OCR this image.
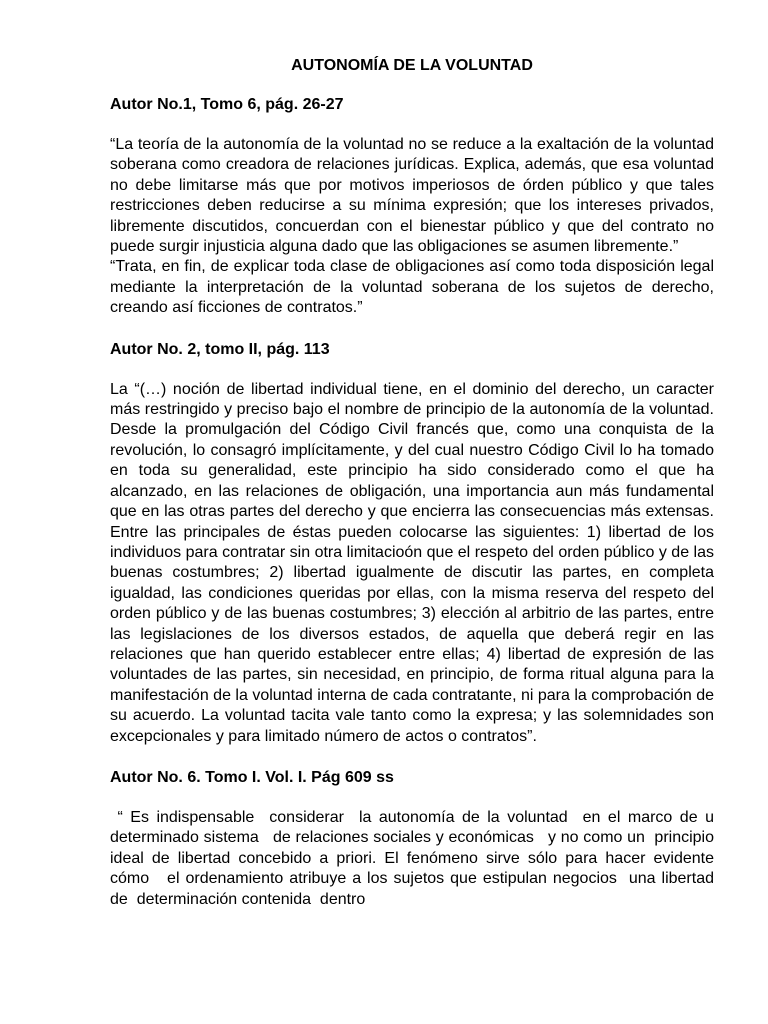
AUTONOMÍA DE LA VOLUNTAD
Autor No.1, Tomo 6, pág. 26-27

“La teoría de la autonomía de la voluntad no se reduce a la exaltación de la voluntad soberana como creadora de relaciones jurídicas. Explica, además, que esa voluntad no debe limitarse más que por motivos imperiosos de órden público y que tales restricciones deben reducirse a su mínima expresión; que los intereses privados, libremente discutidos, concuerdan con el bienestar público y que del contrato no puede surgir injusticia alguna dado que las obligaciones se asumen libremente.”

“Trata, en fin, de explicar toda clase de obligaciones así como toda disposición legal mediante la interpretación de la voluntad soberana de los sujetos de derecho, creando así ficciones de contratos.”

Autor No. 2, tomo II, pág. 113

La “(…) noción de libertad individual tiene, en el dominio del derecho, un caracter más restringido y preciso bajo el nombre de principio de la autonomía de la voluntad. Desde la promulgación del Código Civil francés que, como una conquista de la revolución, lo consagró implícitamente, y del cual nuestro Código Civil lo ha tomado en toda su generalidad, este principio ha sido considerado como el que ha alcanzado, en las relaciones de obligación, una importancia aun más fundamental que en las otras partes del derecho y que encierra las consecuencias más extensas. Entre las principales de éstas pueden colocarse las siguientes: 1) libertad de los individuos para contratar sin otra limitacioón que el respeto del orden público y de las buenas costumbres; 2) libertad igualmente de discutir las partes, en completa igualdad, las condiciones queridas por ellas, con la misma reserva del respeto del orden público y de las buenas costumbres; 3) elección al arbitrio de las partes, entre las legislaciones de los diversos estados, de aquella que deberá regir en las relaciones que han querido establecer entre ellas; 4) libertad de expresión de las voluntades de las partes, sin necesidad, en principio, de forma ritual alguna para la manifestación de la voluntad interna de cada contratante, ni para la comprobación de su acuerdo. La voluntad tacita vale tanto como la expresa; y las solemnidades son excepcionales y para limitado número de actos o contratos”.

Autor No. 6. Tomo I. Vol. I. Pág 609 ss

“ Es indispensable  considerar  la autonomía de la voluntad  en el marco de u determinado sistema   de relaciones sociales y económicas   y no como un  principio ideal de libertad concebido a priori. El fenómeno sirve sólo para hacer evidente  cómo   el ordenamiento atribuye a los sujetos que estipulan negocios  una libertad de  determinación contenida  dentro
